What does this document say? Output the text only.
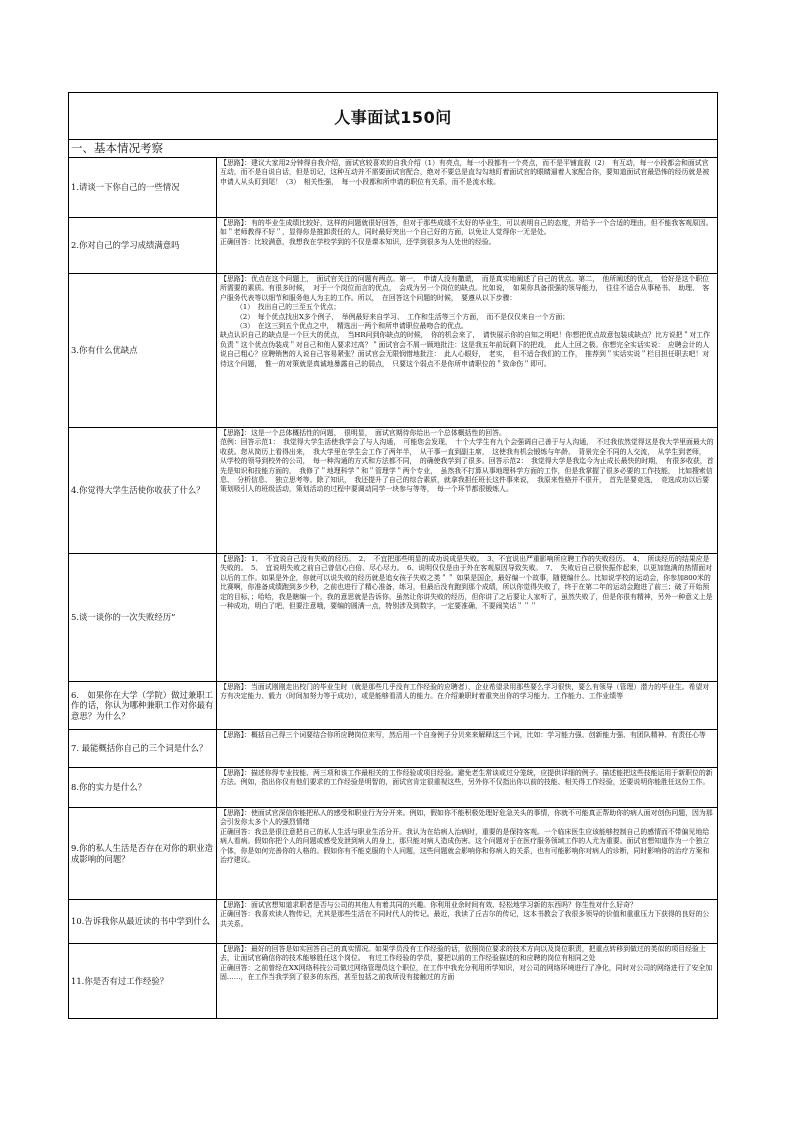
人事面试150问
一、基本情况考察
1.请谈一下你自己的一些情况

【思路】：建议大家用2分钟得自我介绍，面试官较喜欢的自我介绍（1）有亮点，每一小段都有一个亮点，而不是平铺直叙（2）　有互动，每一小段都会和面试官互动，而不是自说自话，但是切记，这种互动并不需要面试官配合，绝对不要总是直勾勾地盯着面试官的眼睛逼着人家配合你，要知道面试官最恐怖的经历就是被申请人从头盯到尾！（3）　相关性强，　每一小段都和所申请的职位有关系，而不是流水账。

2.你对自己的学习成绩满意吗

【思路】：有的毕业生成绩比较好，这样的问题就很好回答，但对于那些成绩不太好的毕业生，可以表明自己的态度，并给予一个合适的理由，但不能我客观原因。如＂老师教得不好＂，显得你是推卸责任的人，同时最好突出一个自己好的方面，以免让人觉得你一无是处。

正确回答：比较满意，我想我在学校学到的不仅是课本知识，还学到很多为人处世的经验。

3.你有什么优缺点

【思路】：优点在这个问题上，　面试官关注的问题有两点。第一，　申请人没有撒谎，　而是真实地阐述了自己的优点。第二，　他所阐述的优点，　恰好是这个职位所需要的素质。有很多时候，　对于一个岗位而言的优点，　会成为另一个岗位的缺点。比如说，　如果你具备很强的领导能力，　往往不适合从事秘书、　助理、　客户服务代表等以细节和服务他人为主的工作。所以，　在回答这个问题的时候，　要遵从以下步骤：

（1）　找出自己的三至五个优点；

（2）　每个优点找出X多个例子，　举例最好来自学习、　工作和生活等三个方面，　而不是仅仅来自一个方面；

（3）　在这三到五个优点之中，　精选出一两个和所申请职位最吻合的优点。

缺点认识自己的缺点是一个巨大的优点，　当HR问到你缺点的时候，　你的机会来了，　请快展示你的自知之明吧！你想把优点故意包装成缺点？比方说把＂对工作负责＂这个优点伪装成＂对自己和他人要求过高？＂面试官会不屑一顾地批注：这是我五年前玩剩下的把戏，　此人土回之极。你想完全实话实说：　应聘会计的人说自己粗心？应聘销售的人说自己容易紧张？面试官会无限悯惜地批注：　此人心眼好，　老实，　但不适合我们的工作，　推荐到＂实话实说＂栏目担任职去吧！对待这个问题，　惟一的对策就是真诚地暴露自己的弱点，　只要这个弱点不是你所申请职位的＂致命伤＂即可。

4.你觉得大学生活使你收获了什么？

【思路】：这是一个总体概括性的问题，　很明显，　面试官期待你给出一个总体概括性的回答。

范例：回答示范1：　我觉得大学生活使我学会了与人沟通，　可能您会发现，　十个大学生有九个会强调自己善于与人沟通，　不过我依然觉得这是我大学里面最大的收获。您从简历上看得出来，　我大学里在学生会工作了两年半，　从干事一直到副主席，　这使我有机会锻炼与年龄、　背景完全不同的人交流，　从学生到老师，　从学校的领导到校外的公司，　每一种沟通的方式和方法都不同，　的确使我学到了很多。回答示范2：　我觉得大学是我迄今为止成长最快的时期，　有很多收获，首先是知识和技能方面的，　我修了＂地理科学＂和＂管理学＂两个专业，　虽然我不打算从事地理科学方面的工作，但是我掌握了很多必要的工作技能，　比如搜索信息、　分析信息、　独立思考等。除了知识，　我还提升了自己的综合素质，就拿我担任班长这件事来说，　我原来性格并不很开，　首先是要竞选，　竞选成功以后要策划吸引人的班级活动，策划活动的过程中要调动同学一块参与等等，　每一个环节都很锻炼人。

5.谈一谈你的一次失败经历”

【思路】：1、　不宜说自己没有失败的经历。　2、　不宜把那些明显的成功说成是失败。　3、不宜说出严重影响所应聘工作的失败经历。　4、　所谈经历的结果应是失败的。　5、　宜说明失败之前自己曾信心白倍、尽心尽力。　6、说明仅仅是由于外在客观原因导致失败。　7、　失败后自己很快振作起来，以更加饱满的热情面对以后的工作。如果是外企，你就可以说失败的经历就是追女孩子失败之类＂＂ 如果是国企，最好编一个故事，随便编什么。比如说学校的运动会，你参加800米的比赛啊，你准备成绩跑到多少秒，之前也进行了精心准备，练习，但最后没有跑到那个成绩，所以你觉得失败了，终于在第二年的运动会跑进了前三；破了开始预定的目标，；哈哈，我是瞎编一个，我的意思就是告诉你，虽然让你讲失败的经历，但你讲了之后要让人家听了，虽然失败了，但是你很有精神，另外一种意义上是一种成功，明白了吧，但要注意哦，要编的圆满一点，特别涉及到数字，一定要准确，不要闹笑话＂＂＂

6.　如果你在大学（学院）做过兼职工作的话，你认为哪种兼职工作对你最有意思？为什么？

【思路】：当面试刚刚走出校门的毕业生时（就是那些几乎没有工作经验的应聘者），企业希望录用那些要么学习很快，要么有领导（管理）潜力的毕业生。希望对方有决定能力、毅力（时间加努力等于成功），或是能够看清人的能力。在介绍兼职时着重突出你的学习能力、工作能力、工作业绩等

7. 最能概括你自己的三个词是什么？

【思路】：概括自己得三个词要结合你所应聘岗位来写，然后用一个自身例子分贝来来解释这三个词，比如：学习能力强、创新能力强、有团队精神、有责任心等

8.你的实力是什么？

【思路】：描述你得专业技能、两三项和该工作最相关的工作经验或项目经验。避免老生常谈或过分笼统，应提供详细的例子。描述能把这些技能运用于新职位的新方法。例如，指出你仅有他们要求的工作经验是明智的，面试官肯定很重视这些，另外你不仅指出你以前的技能、相关得工作经验，还要说明你能胜任这份工作。

9.你的私人生活是否存在对你的职业造成影响的问题？

【思路】：使面试官深信你能把私人的感受和职业行为分开来。例如，假如你不能积极处理好危急关头的事情，你就不可能真正帮助你的病人面对创伤问题，因为那会引发你太多个人的强烈情绪

正确回答：我总是很注意把自己的私人生活与职业生活分开。我认为在给病人治病时，重要的是保持客观。一个临床医生应该能够控制自己的感情而不带偏见地给病人看病。假如你把个人的问题或感受发泄到病人的身上，那只能对病人造成伤害。这个问题对于在医疗服务领域工作的人尤为重要。面试官想知道作为一个独立个体，你是如何完善你的人格的。假如你有不能克服的个人问题，这些问题就会影响你和你病人的关系，也有可能影响你对病人的诊断，同时影响你的治疗方案和治疗建议。

10.告诉我你从最近读的书中学到什么

【思路】：面试官想知道求职者是否与公司的其他人有着共同的兴趣。你利用业余时间有效、轻松地学习新的东西吗？你生性对什么好奇？

正确回答：我喜欢读人物传记，尤其是那些生活在不同时代人的传记。最近，我读了丘吉尔的传记，这本书教会了我很多领导的价值和重重压力下获得的良好的公共关系。

11.你是否有过工作经验？

【思路】：最好的回答是如实回答自己的真实情况。如果学员没有工作经验的话，依照岗位要求的技术方向以及岗位职责，把重点转移到做过的类似的项目经验上去，让面试官确信你的技术能够胜任这个岗位。　有过工作经验的学员，要把以前的工作经验描述的和应聘的岗位有相同之处

正确回答：之前曾经在XX网络科技公司做过网络管理员这个职位，在工作中我充分利用所学知识，对公司的网络环境进行了净化，同时对公司的网络进行了安全加固……，在工作当我学到了很多的东西，甚至包括之前我所没有接触过的方面
